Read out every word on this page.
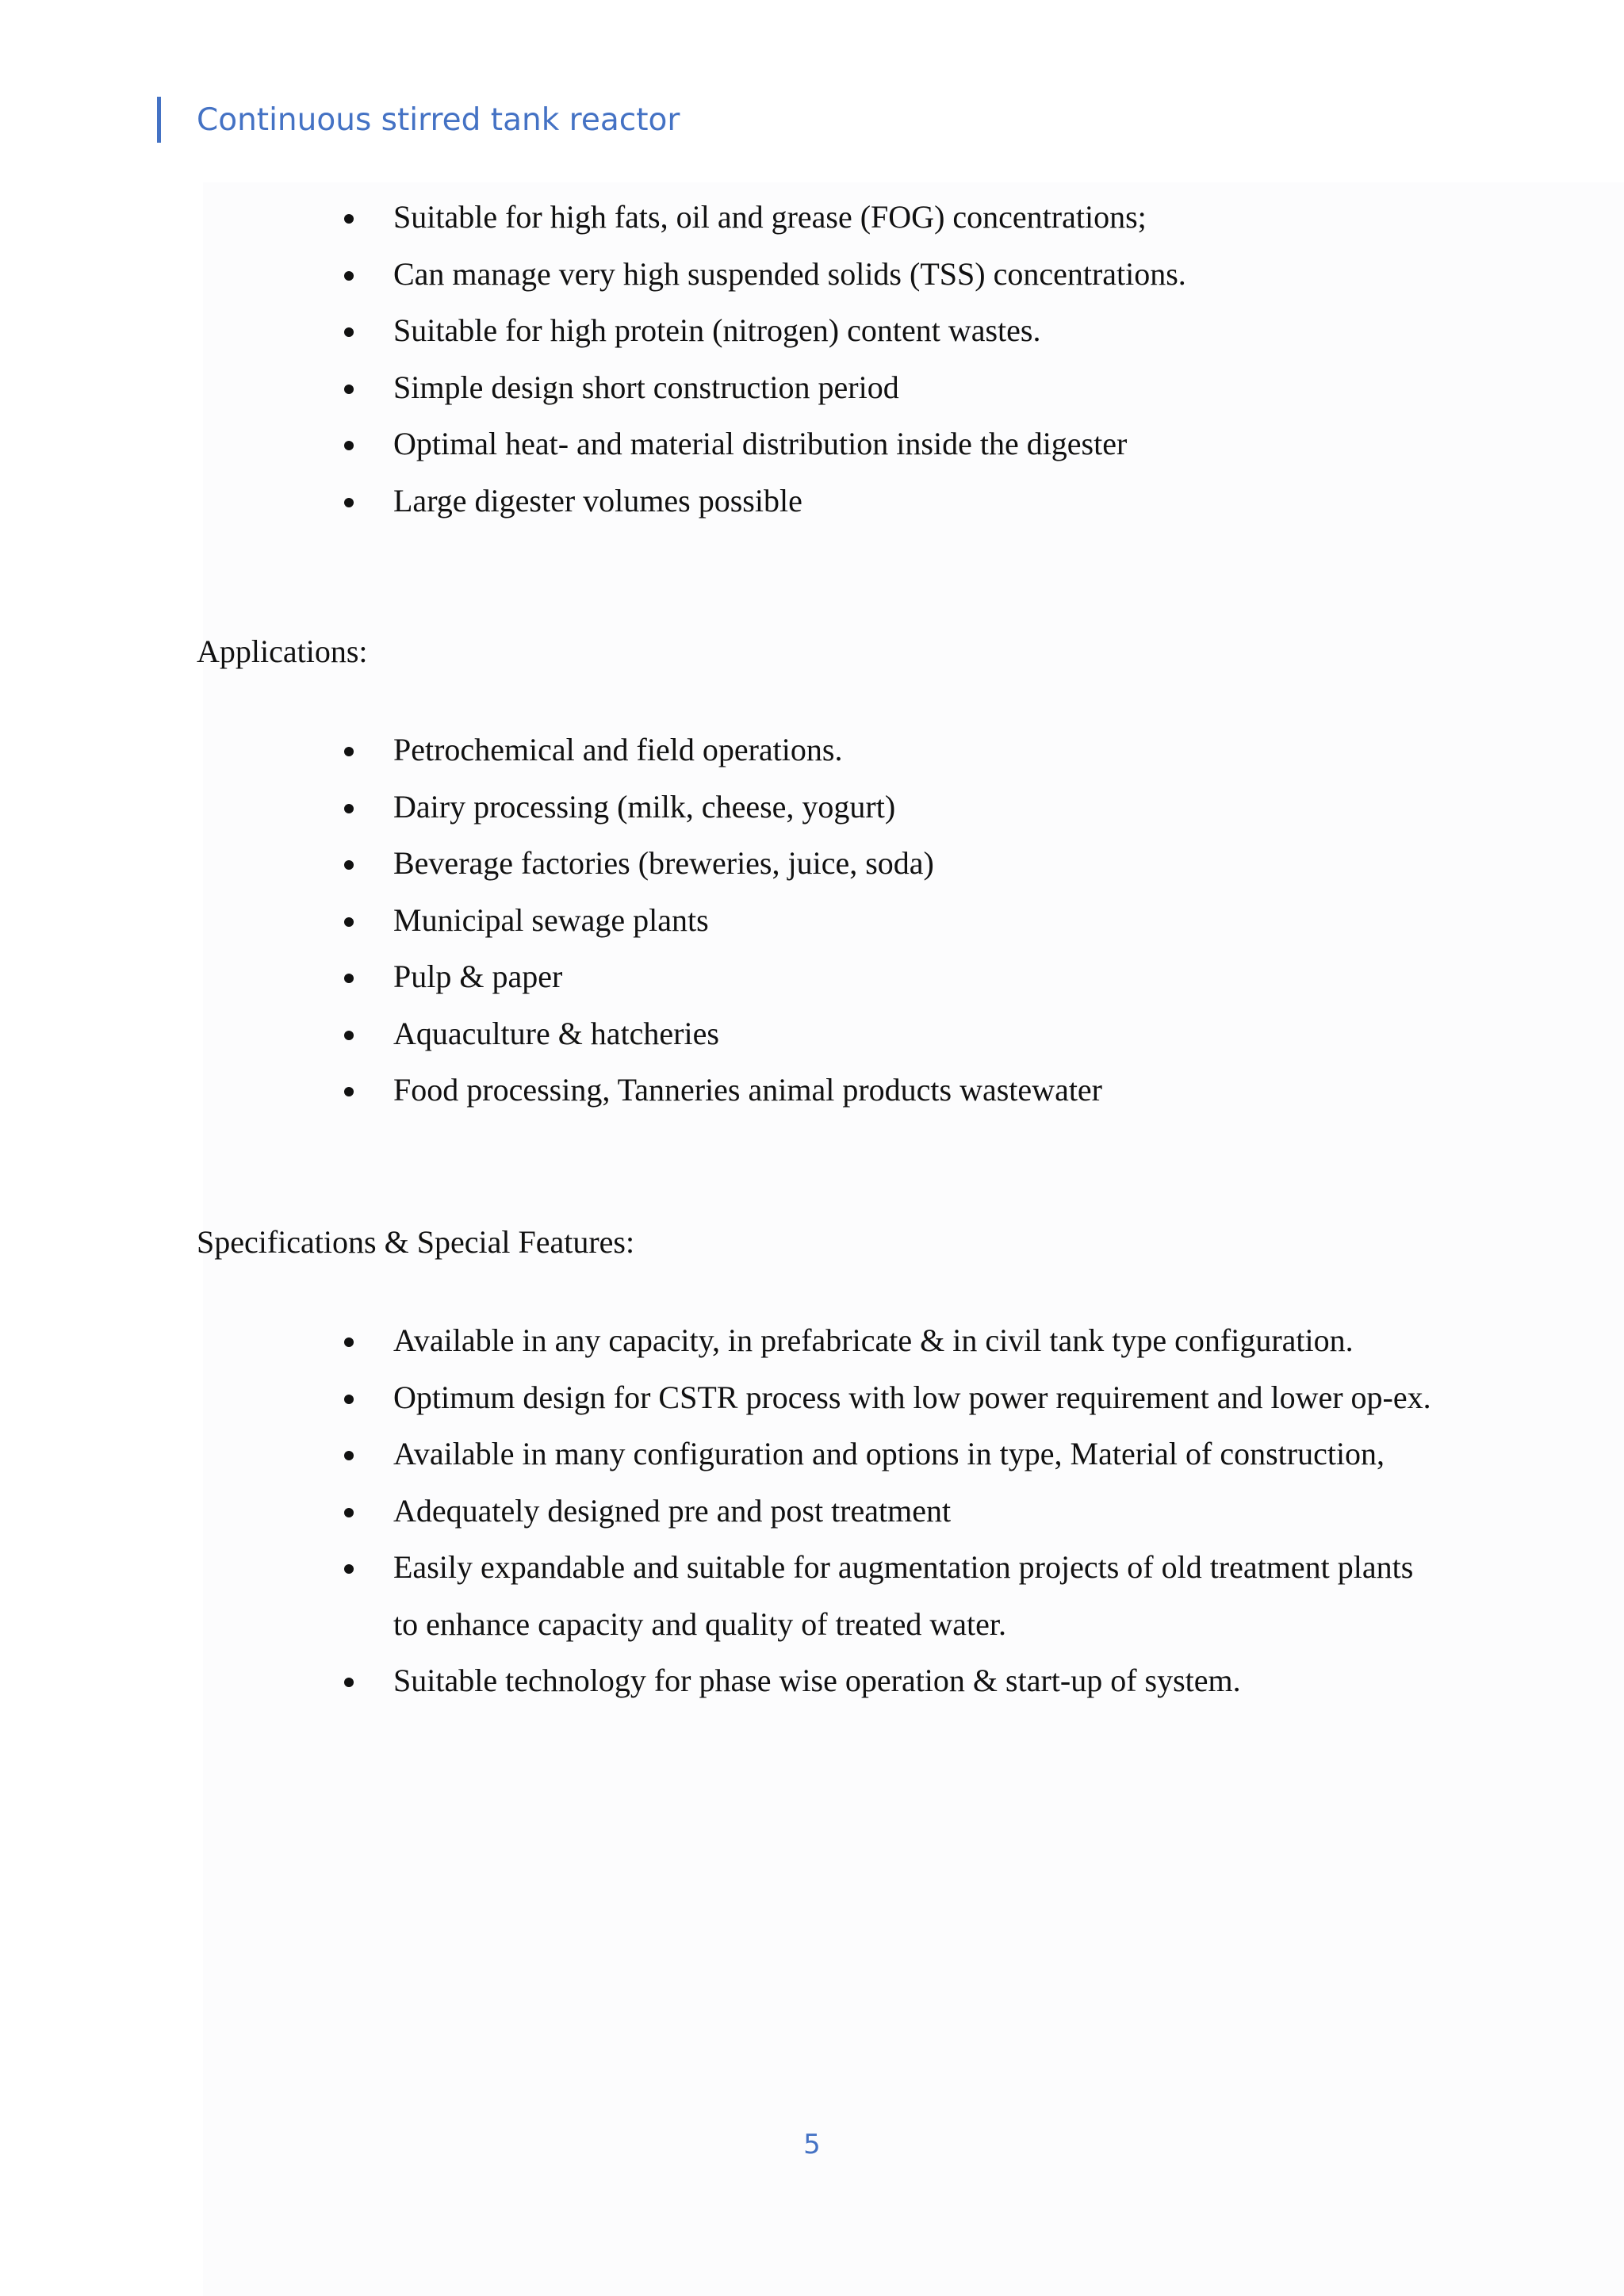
Continuous stirred tank reactor
Suitable for high fats, oil and grease (FOG) concentrations;
Can manage very high suspended solids (TSS) concentrations.
Suitable for high protein (nitrogen) content wastes.
Simple design short construction period
Optimal heat- and material distribution inside the digester
Large digester volumes possible
Applications:
Petrochemical and field operations.
Dairy processing (milk, cheese, yogurt)
Beverage factories (breweries, juice, soda)
Municipal sewage plants
Pulp & paper
Aquaculture & hatcheries
Food processing, Tanneries animal products wastewater
Specifications & Special Features:
Available in any capacity, in prefabricate & in civil tank type configuration.
Optimum design for CSTR process with low power requirement and lower op-ex.
Available in many configuration and options in type, Material of construction,
Adequately designed pre and post treatment
Easily expandable and suitable for augmentation projects of old treatment plants to enhance capacity and quality of treated water.
Suitable technology for phase wise operation & start-up of system.
5
